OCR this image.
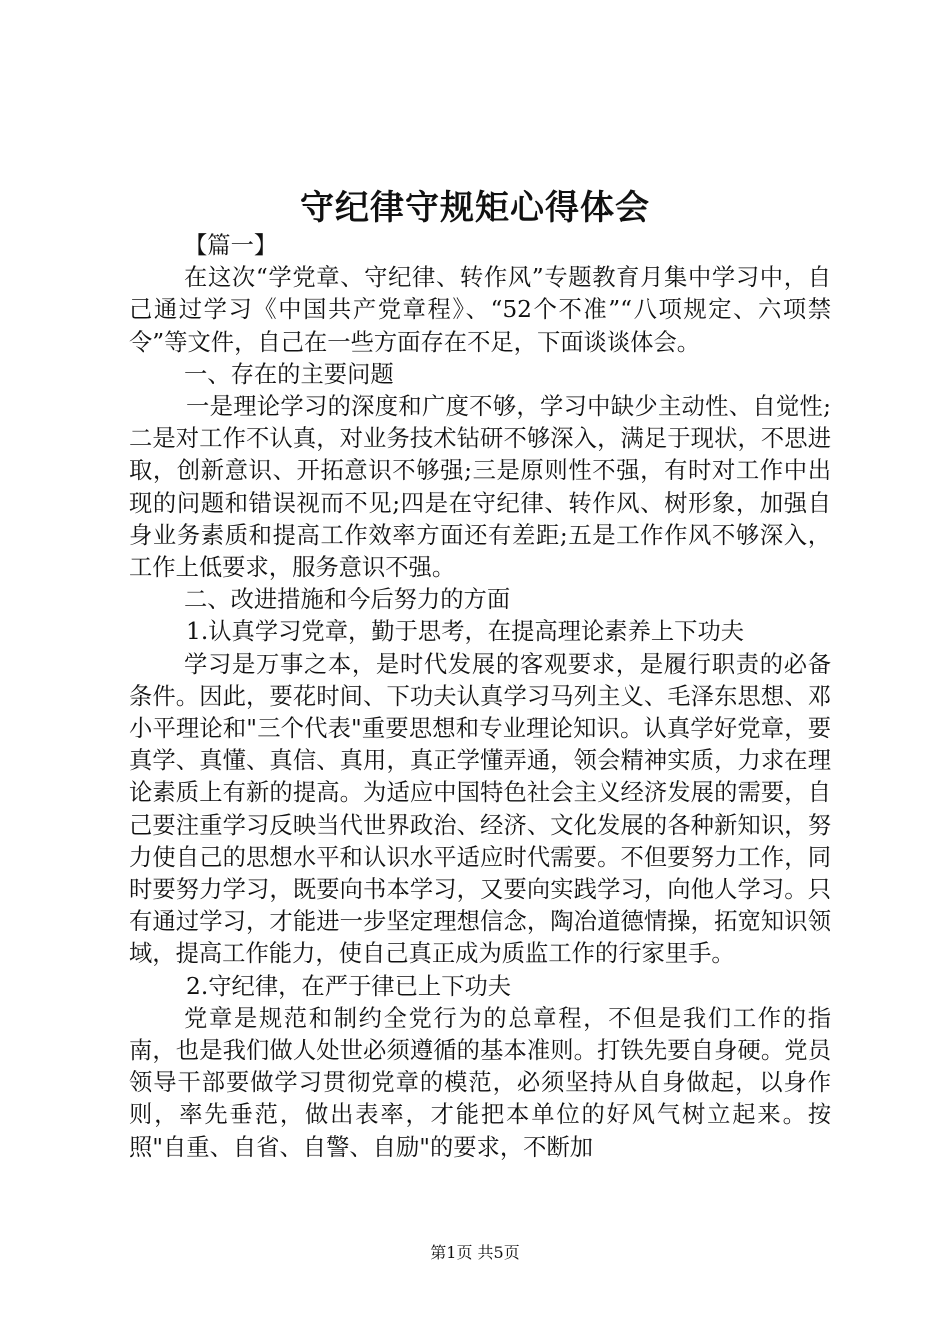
守纪律守规矩心得体会

【篇一】

在这次“学党章、守纪律、转作风”专题教育月集中学习中，自己通过学习《中国共产党章程》、“52个不准”“八项规定、六项禁令”等文件，自己在一些方面存在不足，下面谈谈体会。

一、存在的主要问题

一是理论学习的深度和广度不够，学习中缺少主动性、自觉性;二是对工作不认真，对业务技术钻研不够深入，满足于现状，不思进取，创新意识、开拓意识不够强;三是原则性不强，有时对工作中出现的问题和错误视而不见;四是在守纪律、转作风、树形象，加强自身业务素质和提高工作效率方面还有差距;五是工作作风不够深入，工作上低要求，服务意识不强。

二、改进措施和今后努力的方面

1.认真学习党章，勤于思考，在提高理论素养上下功夫

学习是万事之本，是时代发展的客观要求，是履行职责的必备条件。因此，要花时间、下功夫认真学习马列主义、毛泽东思想、邓小平理论和"三个代表"重要思想和专业理论知识。认真学好党章，要真学、真懂、真信、真用，真正学懂弄通，领会精神实质，力求在理论素质上有新的提高。为适应中国特色社会主义经济发展的需要，自己要注重学习反映当代世界政治、经济、文化发展的各种新知识，努力使自己的思想水平和认识水平适应时代需要。不但要努力工作，同时要努力学习，既要向书本学习，又要向实践学习，向他人学习。只有通过学习，才能进一步坚定理想信念，陶冶道德情操，拓宽知识领域，提高工作能力，使自己真正成为质监工作的行家里手。

2.守纪律，在严于律已上下功夫

党章是规范和制约全党行为的总章程，不但是我们工作的指南，也是我们做人处世必须遵循的基本准则。打铁先要自身硬。党员领导干部要做学习贯彻党章的模范，必须坚持从自身做起，以身作则，率先垂范，做出表率，才能把本单位的好风气树立起来。按照"自重、自省、自警、自励"的要求，不断加

第1页 共5页
